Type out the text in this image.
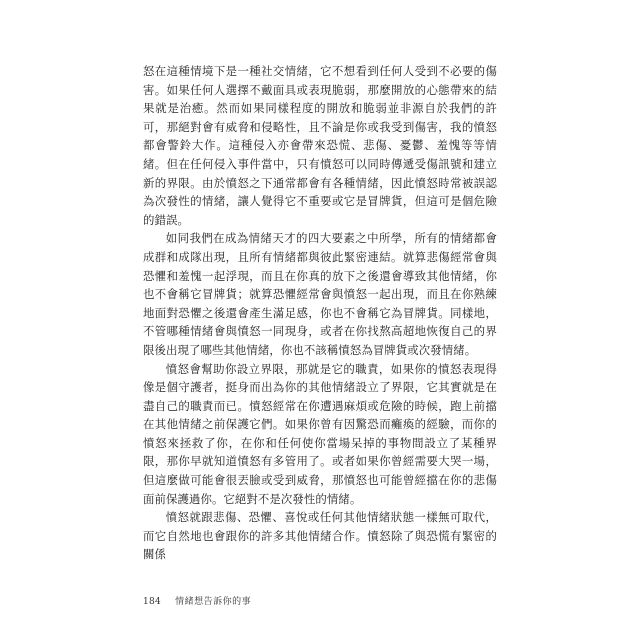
怒在這種情境下是一種社交情緒，它不想看到任何人受到不必要的傷害。如果任何人選擇不戴面具或表現脆弱，那麼開放的心態帶來的結果就是治癒。然而如果同樣程度的開放和脆弱並非源自於我們的許可，那絕對會有威脅和侵略性，且不論是你或我受到傷害，我的憤怒都會警鈴大作。這種侵入亦會帶來恐慌、悲傷、憂鬱、羞愧等等情緒。但在任何侵入事件當中，只有憤怒可以同時傳遞受傷訊號和建立新的界限。由於憤怒之下通常都會有各種情緒，因此憤怒時常被誤認為次發性的情緒，讓人覺得它不重要或它是冒牌貨，但這可是個危險的錯誤。

如同我們在成為情緒天才的四大要素之中所學，所有的情緒都會成群和成隊出現，且所有情緒都與彼此緊密連結。就算悲傷經常會與恐懼和羞愧一起浮現，而且在你真的放下之後還會導致其他情緒，你也不會稱它冒牌貨；就算恐懼經常會與憤怒一起出現，而且在你熟練地面對恐懼之後還會產生滿足感，你也不會稱它為冒牌貨。同樣地，不管哪種情緒會與憤怒一同現身，或者在你找熬高超地恢復自己的界限後出現了哪些其他情緒，你也不該稱憤怒為冒牌貨或次發情緒。

憤怒會幫助你設立界限，那就是它的職責，如果你的憤怒表現得像是個守護者，挺身而出為你的其他情緒設立了界限，它其實就是在盡自己的職責而已。憤怒經常在你遭遇麻煩或危險的時候，跑上前擋在其他情緒之前保護它們。如果你曾有因驚恐而癱瘓的經驗，而你的憤怒來拯救了你，在你和任何使你當場呆掉的事物間設立了某種界限，那你早就知道憤怒有多管用了。或者如果你曾經需要大哭一場，但這麼做可能會很丟臉或受到威脅，那憤怒也可能曾經擋在你的悲傷面前保護過你。它絕對不是次發性的情緒。

憤怒就跟悲傷、恐懼、喜悅或任何其他情緒狀態一樣無可取代，而它自然地也會跟你的許多其他情緒合作。憤怒除了與恐慌有緊密的關係

184 情緒想告訴你的事
